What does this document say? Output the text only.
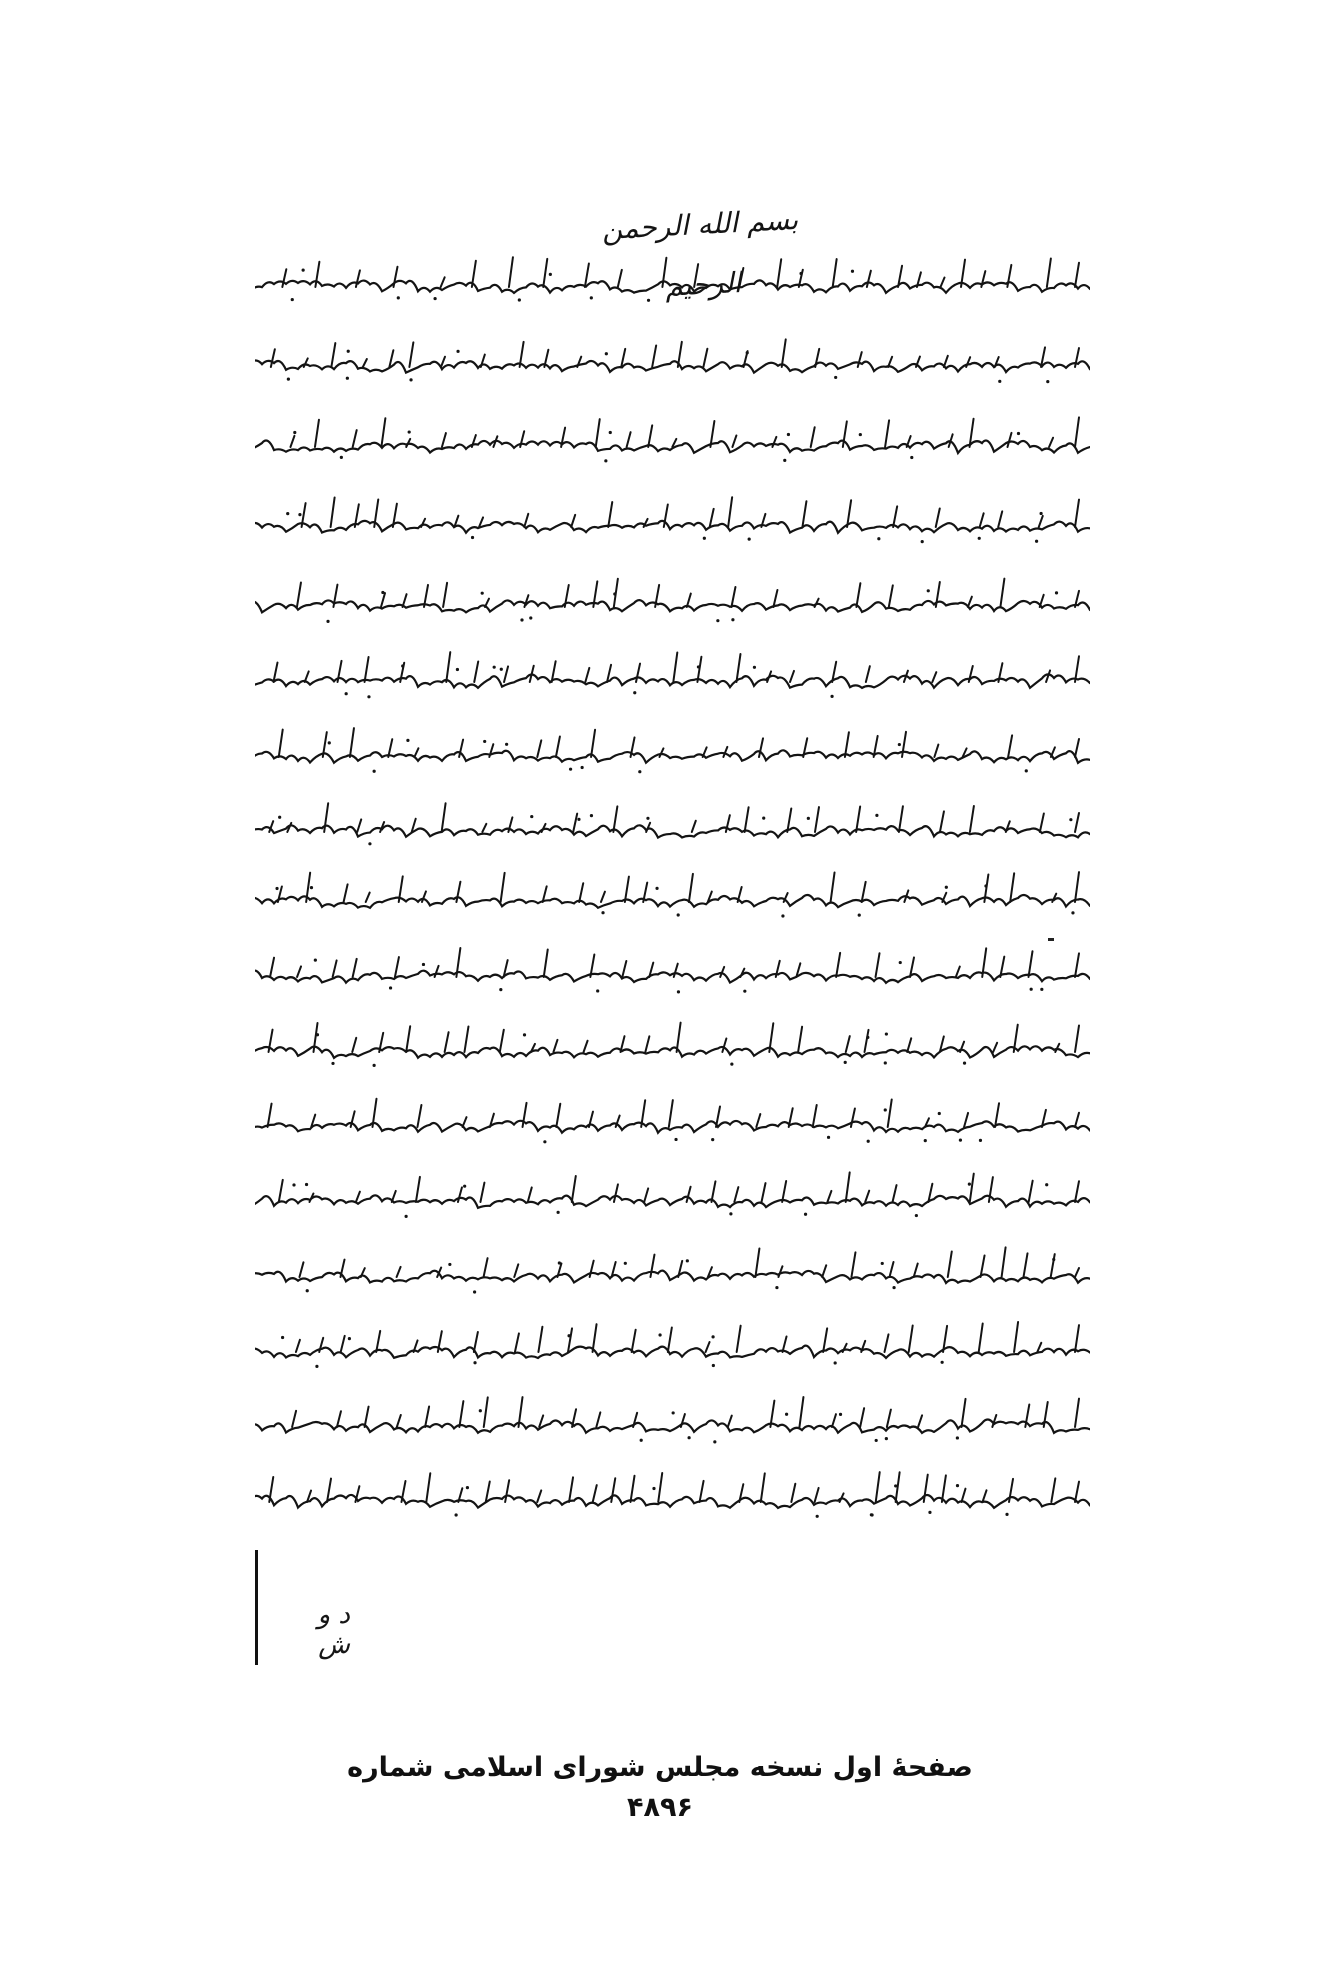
بسم الله الرحمن الرحیم
د و ش
صفحهٔ اول نسخه مجلس شورای اسلامی شماره ۴۸۹۶
